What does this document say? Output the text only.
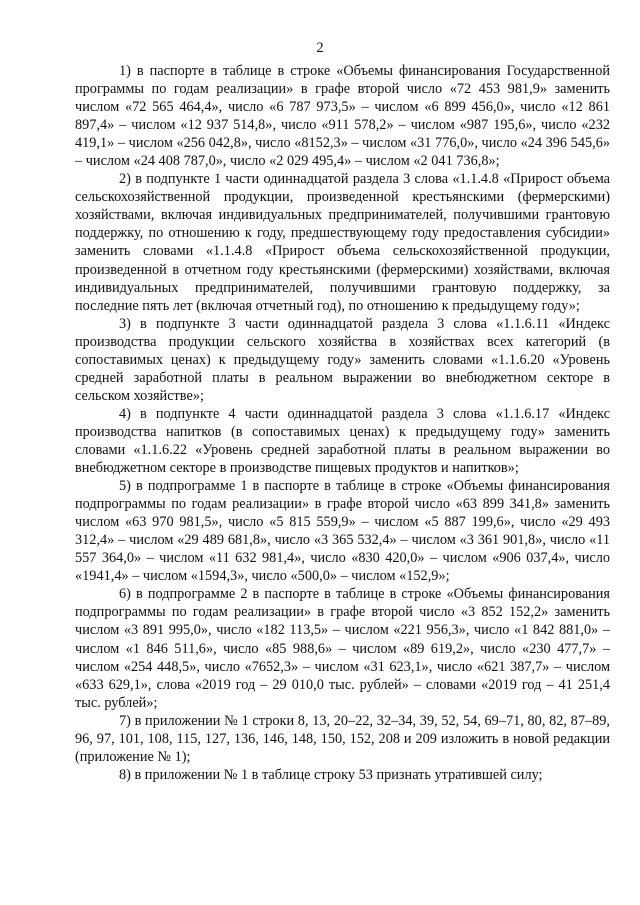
2

1) в паспорте в таблице в строке «Объемы финансирования Государственной программы по годам реализации» в графе второй число «72 453 981,9» заменить числом «72 565 464,4», число «6 787 973,5» – числом «6 899 456,0», число «12 861 897,4» – числом «12 937 514,8», число «911 578,2» – числом «987 195,6», число «232 419,1» – числом «256 042,8», число «8152,3» – числом «31 776,0», число «24 396 545,6» – числом «24 408 787,0», число «2 029 495,4» – числом «2 041 736,8»;

2) в подпункте 1 части одиннадцатой раздела 3 слова «1.1.4.8 «Прирост объема сельскохозяйственной продукции, произведенной крестьянскими (фермерскими) хозяйствами, включая индивидуальных предпринимателей, получившими грантовую поддержку, по отношению к году, предшествующему году предоставления субсидии» заменить словами «1.1.4.8 «Прирост объема сельскохозяйственной продукции, произведенной в отчетном году крестьянскими (фермерскими) хозяйствами, включая индивидуальных предпринимателей, получившими грантовую поддержку, за последние пять лет (включая отчетный год), по отношению к предыдущему году»;

3) в подпункте 3 части одиннадцатой раздела 3 слова «1.1.6.11 «Индекс производства продукции сельского хозяйства в хозяйствах всех категорий (в сопоставимых ценах) к предыдущему году» заменить словами «1.1.6.20 «Уровень средней заработной платы в реальном выражении во внебюджетном секторе в сельском хозяйстве»;

4) в подпункте 4 части одиннадцатой раздела 3 слова «1.1.6.17 «Индекс производства напитков (в сопоставимых ценах) к предыдущему году» заменить словами «1.1.6.22 «Уровень средней заработной платы в реальном выражении во внебюджетном секторе в производстве пищевых продуктов и напитков»;

5) в подпрограмме 1 в паспорте в таблице в строке «Объемы финансирования подпрограммы по годам реализации» в графе второй число «63 899 341,8» заменить числом «63 970 981,5», число «5 815 559,9» – числом «5 887 199,6», число «29 493 312,4» – числом «29 489 681,8», число «3 365 532,4» – числом «3 361 901,8», число «11 557 364,0» – числом «11 632 981,4», число «830 420,0» – числом «906 037,4», число «1941,4» – числом «1594,3», число «500,0» – числом «152,9»;

6) в подпрограмме 2 в паспорте в таблице в строке «Объемы финансирования подпрограммы по годам реализации» в графе второй число «3 852 152,2» заменить числом «3 891 995,0», число «182 113,5» – числом «221 956,3», число «1 842 881,0» – числом «1 846 511,6», число «85 988,6» – числом «89 619,2», число «230 477,7» – числом «254 448,5», число «7652,3» – числом «31 623,1», число «621 387,7» – числом «633 629,1», слова «2019 год – 29 010,0 тыс. рублей» – словами «2019 год – 41 251,4 тыс. рублей»;

7) в приложении № 1 строки 8, 13, 20–22, 32–34, 39, 52, 54, 69–71, 80, 82, 87–89, 96, 97, 101, 108, 115, 127, 136, 146, 148, 150, 152, 208 и 209 изложить в новой редакции (приложение № 1);

8) в приложении № 1 в таблице строку 53 признать утратившей силу;
